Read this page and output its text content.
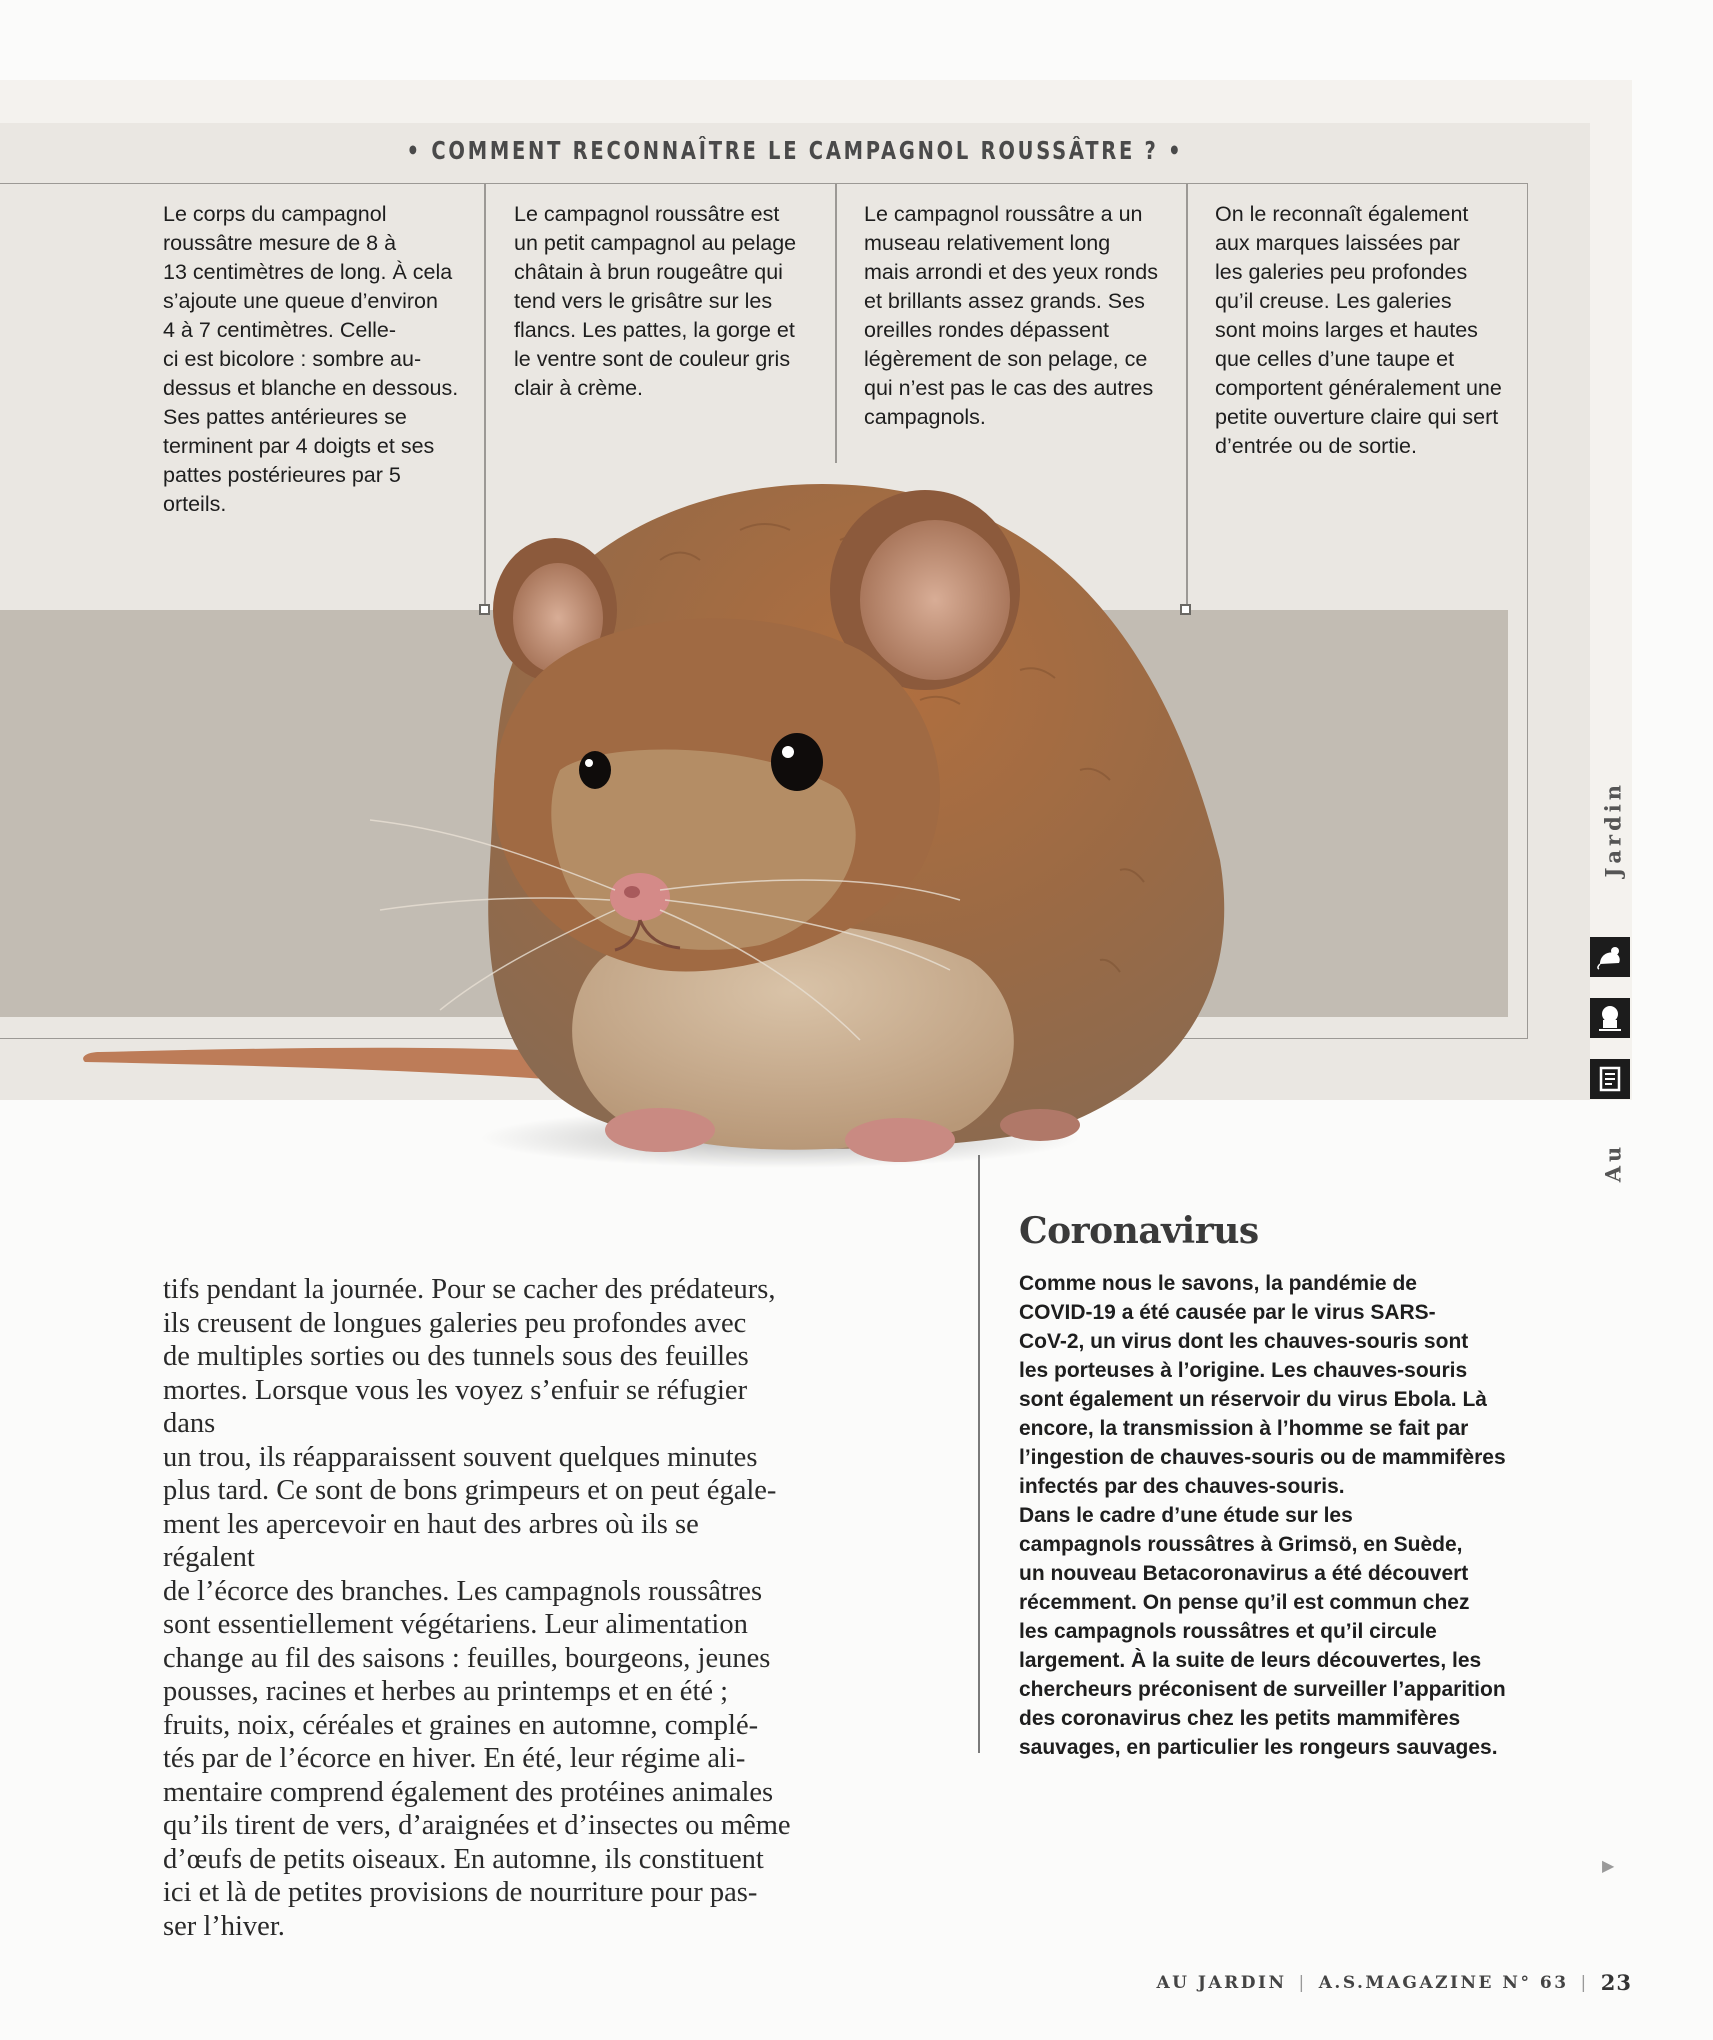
• COMMENT RECONNAÎTRE LE CAMPAGNOL ROUSSÂTRE ? •
Le corps du campagnol
roussâtre mesure de 8 à
13 centimètres de long. À cela
s’ajoute une queue d’environ
4 à 7 centimètres. Celle-
ci est bicolore : sombre au-
dessus et blanche en dessous.
Ses pattes antérieures se
terminent par 4 doigts et ses
pattes postérieures par 5
orteils.
Le campagnol roussâtre est
un petit campagnol au pelage
châtain à brun rougeâtre qui
tend vers le grisâtre sur les
flancs. Les pattes, la gorge et
le ventre sont de couleur gris
clair à crème.
Le campagnol roussâtre a un
museau relativement long
mais arrondi et des yeux ronds
et brillants assez grands. Ses
oreilles rondes dépassent
légèrement de son pelage, ce
qui n’est pas le cas des autres
campagnols.
On le reconnaît également
aux marques laissées par
les galeries peu profondes
qu’il creuse. Les galeries
sont moins larges et hautes
que celles d’une taupe et
comportent généralement une
petite ouverture claire qui sert
d’entrée ou de sortie.
Jardin
Au
tifs pendant la journée. Pour se cacher des prédateurs,
ils creusent de longues galeries peu profondes avec
de multiples sorties ou des tunnels sous des feuilles
mortes. Lorsque vous les voyez s’enfuir se réfugier dans
un trou, ils réapparaissent souvent quelques minutes
plus tard. Ce sont de bons grimpeurs et on peut égale-
ment les apercevoir en haut des arbres où ils se régalent
de l’écorce des branches. Les campagnols roussâtres
sont essentiellement végétariens. Leur alimentation
change au fil des saisons : feuilles, bourgeons, jeunes
pousses, racines et herbes au printemps et en été ;
fruits, noix, céréales et graines en automne, complé-
tés par de l’écorce en hiver. En été, leur régime ali-
mentaire comprend également des protéines animales
qu’ils tirent de vers, d’araignées et d’insectes ou même
d’œufs de petits oiseaux. En automne, ils constituent
ici et là de petites provisions de nourriture pour pas-
ser l’hiver.
Coronavirus
Comme nous le savons, la pandémie de
COVID-19 a été causée par le virus SARS-
CoV-2, un virus dont les chauves-souris sont
les porteuses à l’origine. Les chauves-souris
sont également un réservoir du virus Ebola. Là
encore, la transmission à l’homme se fait par
l’ingestion de chauves-souris ou de mammifères
infectés par des chauves-souris.
Dans le cadre d’une étude sur les
campagnols roussâtres à Grimsö, en Suède,
un nouveau Betacoronavirus a été découvert
récemment. On pense qu’il est commun chez
les campagnols roussâtres et qu’il circule
largement. À la suite de leurs découvertes, les
chercheurs préconisent de surveiller l’apparition
des coronavirus chez les petits mammifères
sauvages, en particulier les rongeurs sauvages.
▶
AU JARDIN | A.S.MAGAZINE N° 63 | 23
